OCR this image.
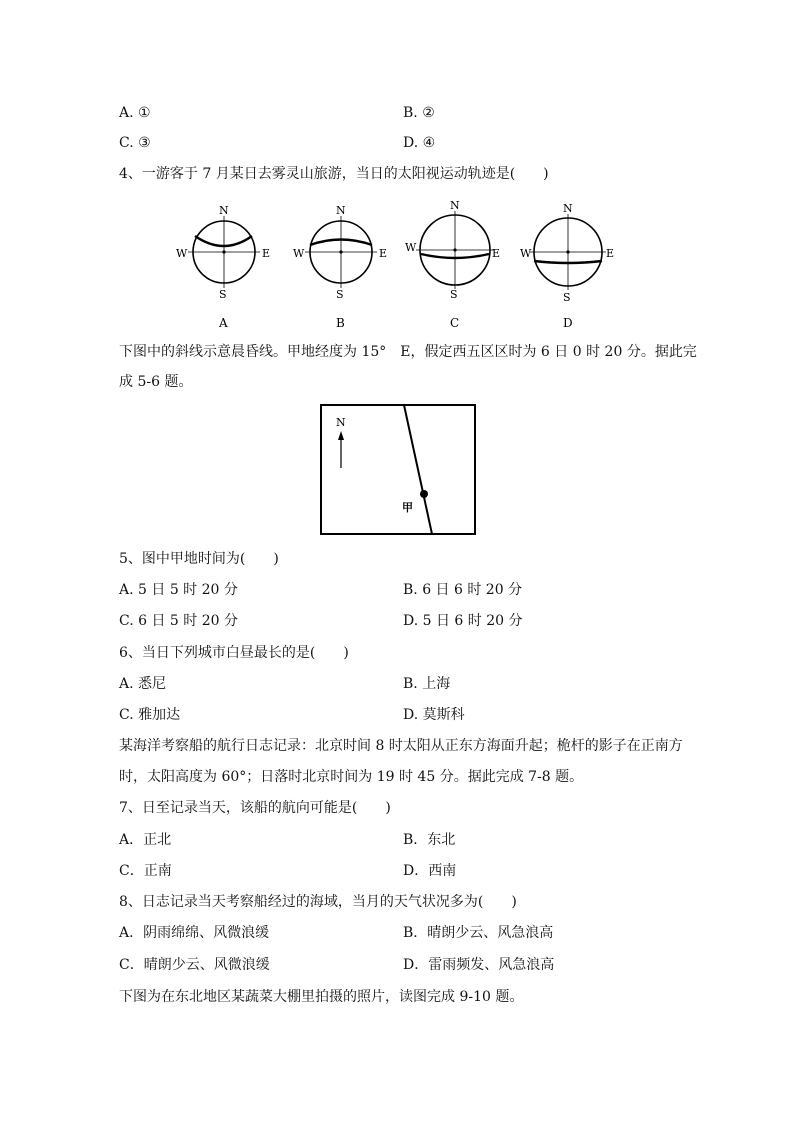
A. ①	B. ②
C. ③	D. ④
4、一游客于 7 月某日去雾灵山旅游，当日的太阳视运动轨迹是(　　)
N
S
W	E
A
N
S
W	E
B
N
S
W	E
C
N
S
W	E
D
下图中的斜线示意晨昏线。甲地经度为 15°　E，假定西五区区时为 6 日 0 时 20 分。据此完
成 5-6 题。
N
甲
5、图中甲地时间为(　　)
A. 5 日 5 时 20 分	B. 6 日 6 时 20 分
C. 6 日 5 时 20 分	D. 5 日 6 时 20 分
6、当日下列城市白昼最长的是(　　)
A. 悉尼	B. 上海
C. 雅加达	D. 莫斯科
某海洋考察船的航行日志记录：北京时间 8 时太阳从正东方海面升起；桅杆的影子在正南方
时，太阳高度为 60°；日落时北京时间为 19 时 45 分。据此完成 7-8 题。
7、日至记录当天，该船的航向可能是(　　)
A．正北	B．东北
C．正南	D．西南
8、日志记录当天考察船经过的海域，当月的天气状况多为(　　)
A．阴雨绵绵、风微浪缓	B．晴朗少云、风急浪高
C．晴朗少云、风微浪缓	D．雷雨频发、风急浪高
下图为在东北地区某蔬菜大棚里拍摄的照片，读图完成 9-10 题。
